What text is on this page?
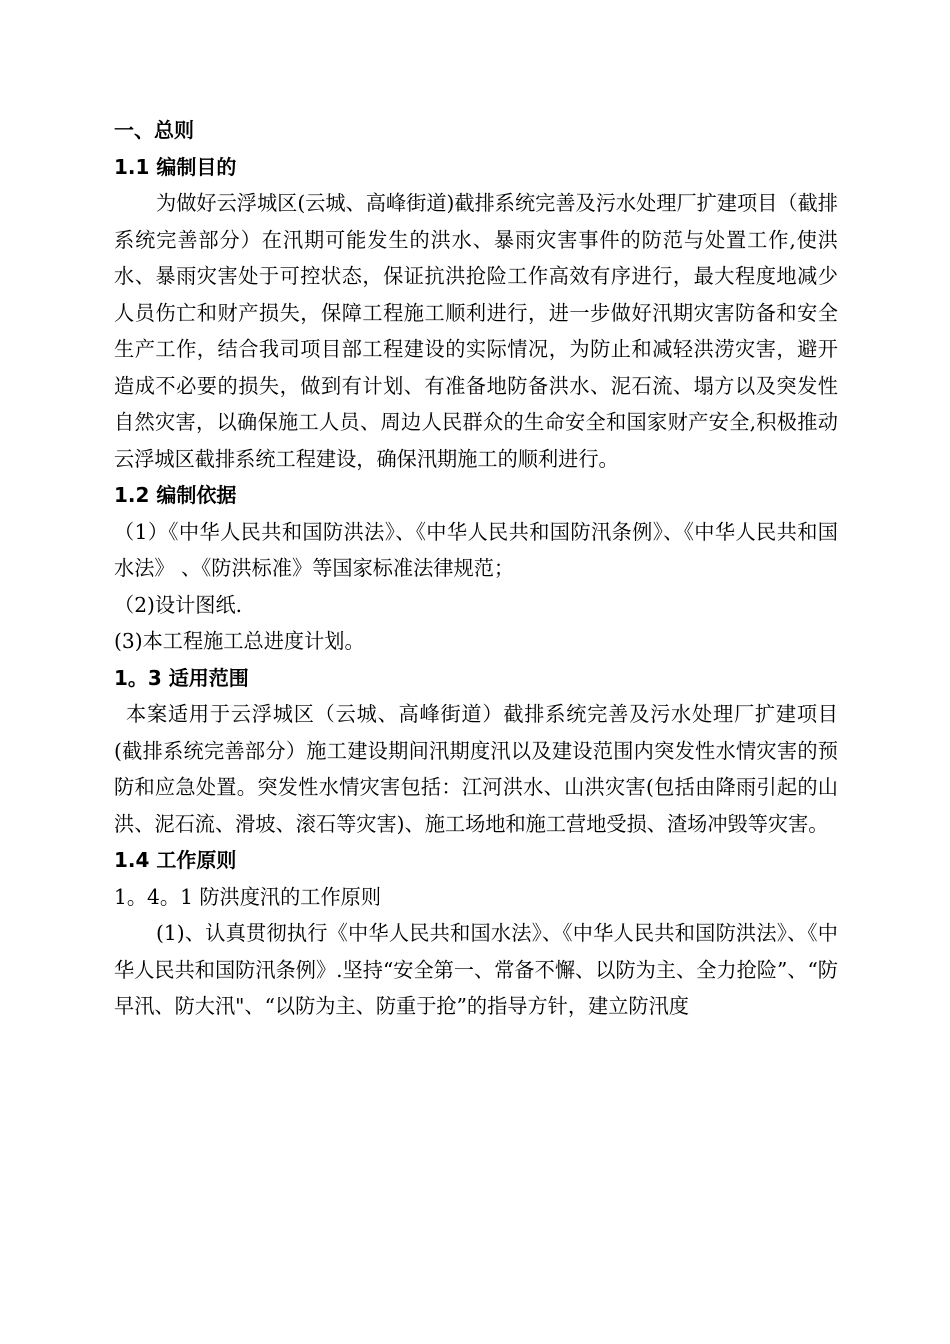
一、总则
1.1 编制目的

为做好云浮城区(云城、高峰街道)截排系统完善及污水处理厂扩建项目（截排系统完善部分）在汛期可能发生的洪水、暴雨灾害事件的防范与处置工作,使洪水、暴雨灾害处于可控状态，保证抗洪抢险工作高效有序进行，最大程度地减少人员伤亡和财产损失，保障工程施工顺利进行，进一步做好汛期灾害防备和安全生产工作，结合我司项目部工程建设的实际情况，为防止和减轻洪涝灾害，避开造成不必要的损失，做到有计划、有准备地防备洪水、泥石流、塌方以及突发性自然灾害，以确保施工人员、周边人民群众的生命安全和国家财产安全,积极推动云浮城区截排系统工程建设，确保汛期施工的顺利进行。

1.2 编制依据

（1）《中华人民共和国防洪法》、《中华人民共和国防汛条例》、《中华人民共和国水法》 、《防洪标准》等国家标准法律规范；

（2)设计图纸.
(3)本工程施工总进度计划。
1。3 适用范围

本案适用于云浮城区（云城、高峰街道）截排系统完善及污水处理厂扩建项目(截排系统完善部分）施工建设期间汛期度汛以及建设范围内突发性水情灾害的预防和应急处置。突发性水情灾害包括：江河洪水、山洪灾害(包括由降雨引起的山洪、泥石流、滑坡、滚石等灾害)、施工场地和施工营地受损、渣场冲毁等灾害。

1.4 工作原则
1。4。1 防洪度汛的工作原则

(1)、认真贯彻执行《中华人民共和国水法》、《中华人民共和国防洪法》、《中华人民共和国防汛条例》.坚持“安全第一、常备不懈、以防为主、全力抢险”、“防早汛、防大汛"、“以防为主、防重于抢”的指导方针，建立防汛度
